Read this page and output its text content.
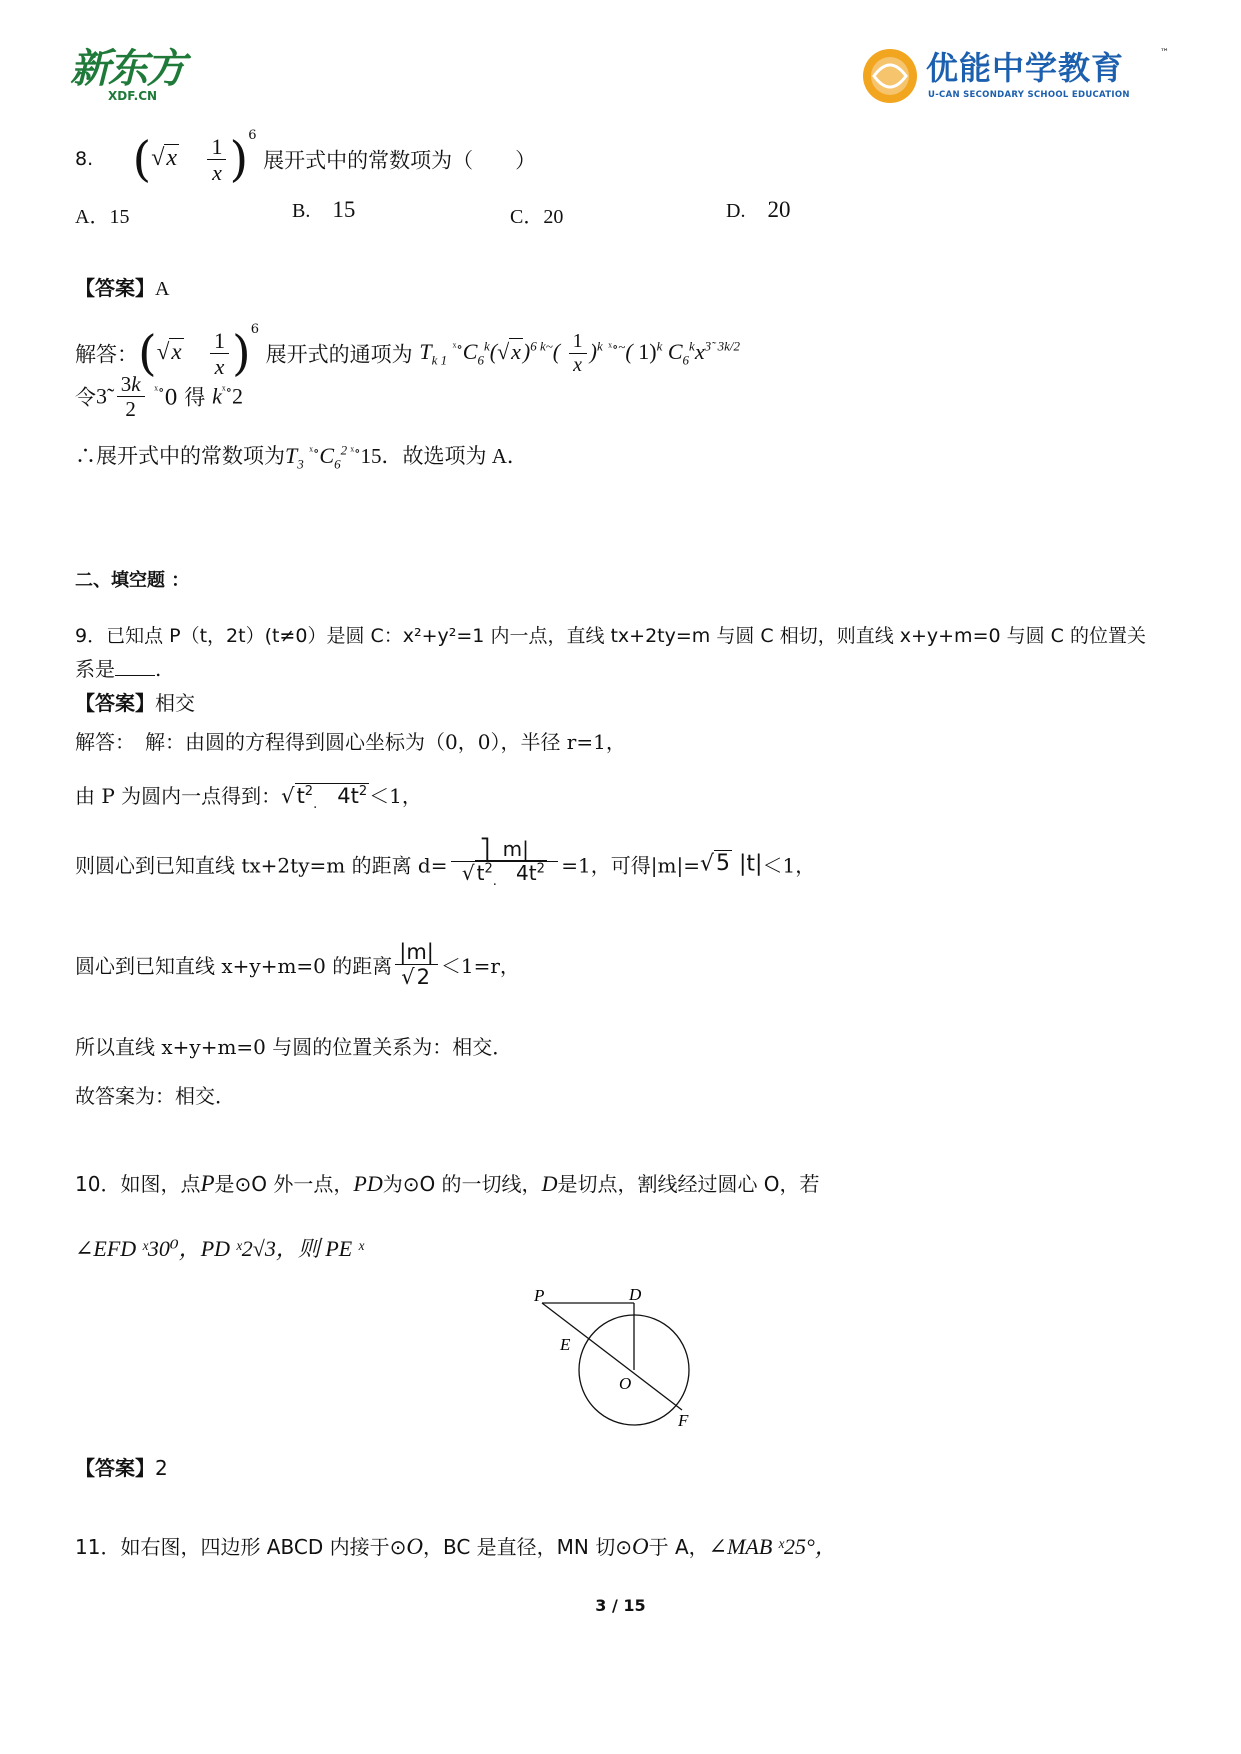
新东方
XDF.CN
优能中学教育	™
U-CAN SECONDARY SCHOOL EDUCATION
8. $(√x \frac{1}{x} )^6$ 展开式中的常数项为（　　）
A．15	B. 15	C．20	D. 20
【答案】A
解答：$(√x \frac{1}{x} )^6$ 展开式的通项为 $T_{k 1}$ $^{ˣ\circ}C_6^k(√x)^{6 k\sim}( \frac{1}{x} )^k$ $^{ˣ\circ\sim}$( 1)$^k$ $C_6^kx^{3̃ 3k/2}$
令3̃ $\frac{3k}{2} ^{ˣ\circ}0$ 得 $k^{ˣ\circ}2$
∴展开式中的常数项为$T_3$ $^{ˣ\circ}C_6^2$ $^{ˣ\circ}$15．故选项为 A．
二、填空题 ：
9．已知点 P（t，2t）(t≠0）是圆 C：x²+y²=1 内一点，直线 tx+2ty=m 与圆 C 相切，则直线 x+y+m=0 与圆 C 的位置关
系是 .
【答案】相交
解答：　解：由圆的方程得到圆心坐标为（0，0），半径 r=1，
由 P 为圆内一点得到：$√t^2_.$   $4t^2 <1$，
则圆心到已知直线 tx+2ty=m 的距离 $d= \frac{⎤ m|}{√ t^2_. 4t^2} =1$，可得|m|=√5 |t|＜1，
圆心到已知直线 x+y+m=0 的距离 $\frac{|m|}{√2} <1=r$，
所以直线 x+y+m=0 与圆的位置关系为：相交．
故答案为：相交．
10．如图，点P是⊙O 外一点，PD为⊙O 的一切线，D是切点，割线经过圆心 O，若
∠EFD ˣ30⁰，PD ˣ2√3，则 PE ˣ
P	D
E
O
F
【答案】2
11．如右图，四边形 ABCD 内接于⊙O，BC 是直径，MN 切⊙O于 A，∠MAB ˣ25°，
3 / 15
